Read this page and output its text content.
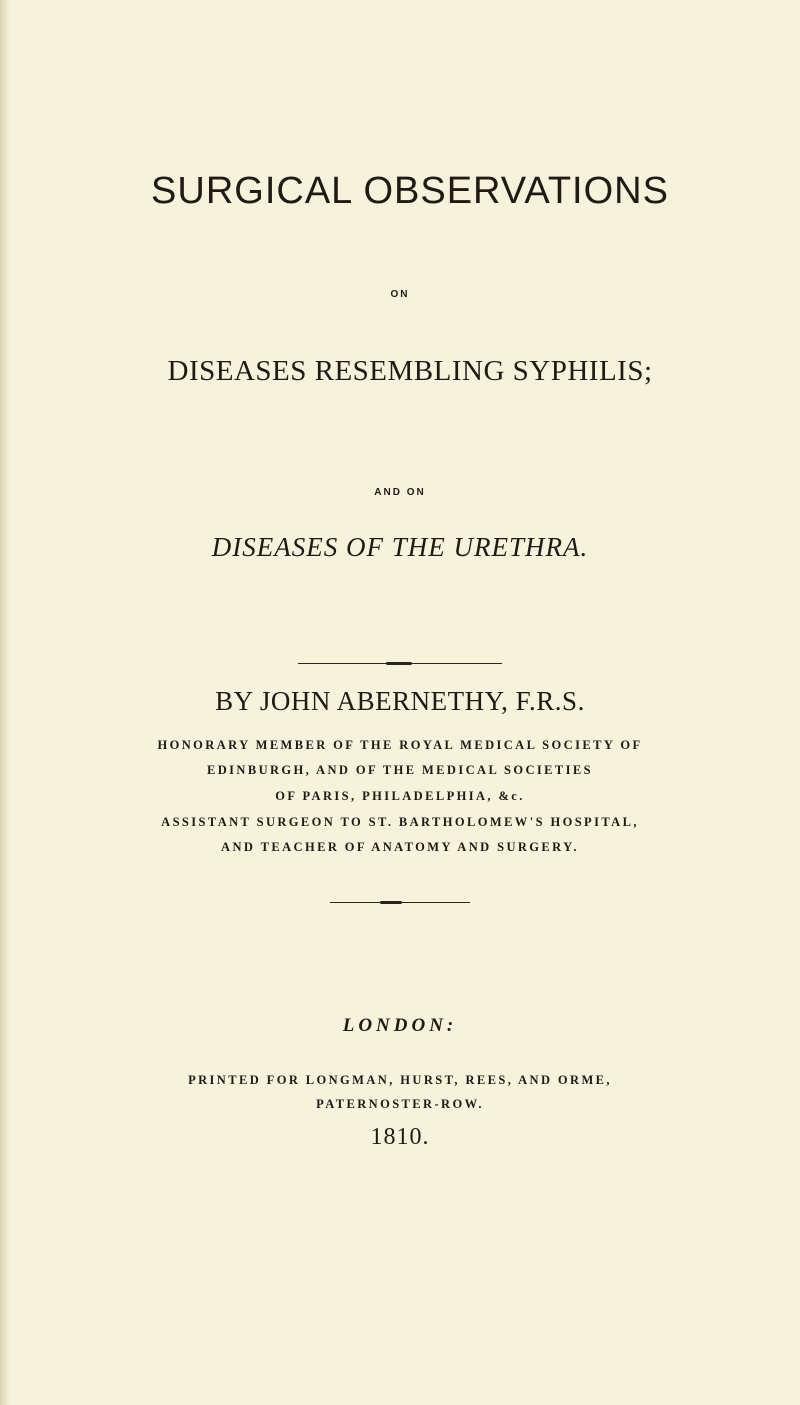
SURGICAL OBSERVATIONS
ON
DISEASES RESEMBLING SYPHILIS;
AND ON
DISEASES OF THE URETHRA.
BY JOHN ABERNETHY, F.R.S.
HONORARY MEMBER OF THE ROYAL MEDICAL SOCIETY OF
EDINBURGH, AND OF THE MEDICAL SOCIETIES
OF PARIS, PHILADELPHIA, &c.
ASSISTANT SURGEON TO ST. BARTHOLOMEW'S HOSPITAL,
AND TEACHER OF ANATOMY AND SURGERY.
LONDON:
PRINTED FOR LONGMAN, HURST, REES, AND ORME,
PATERNOSTER-ROW.
1810.
